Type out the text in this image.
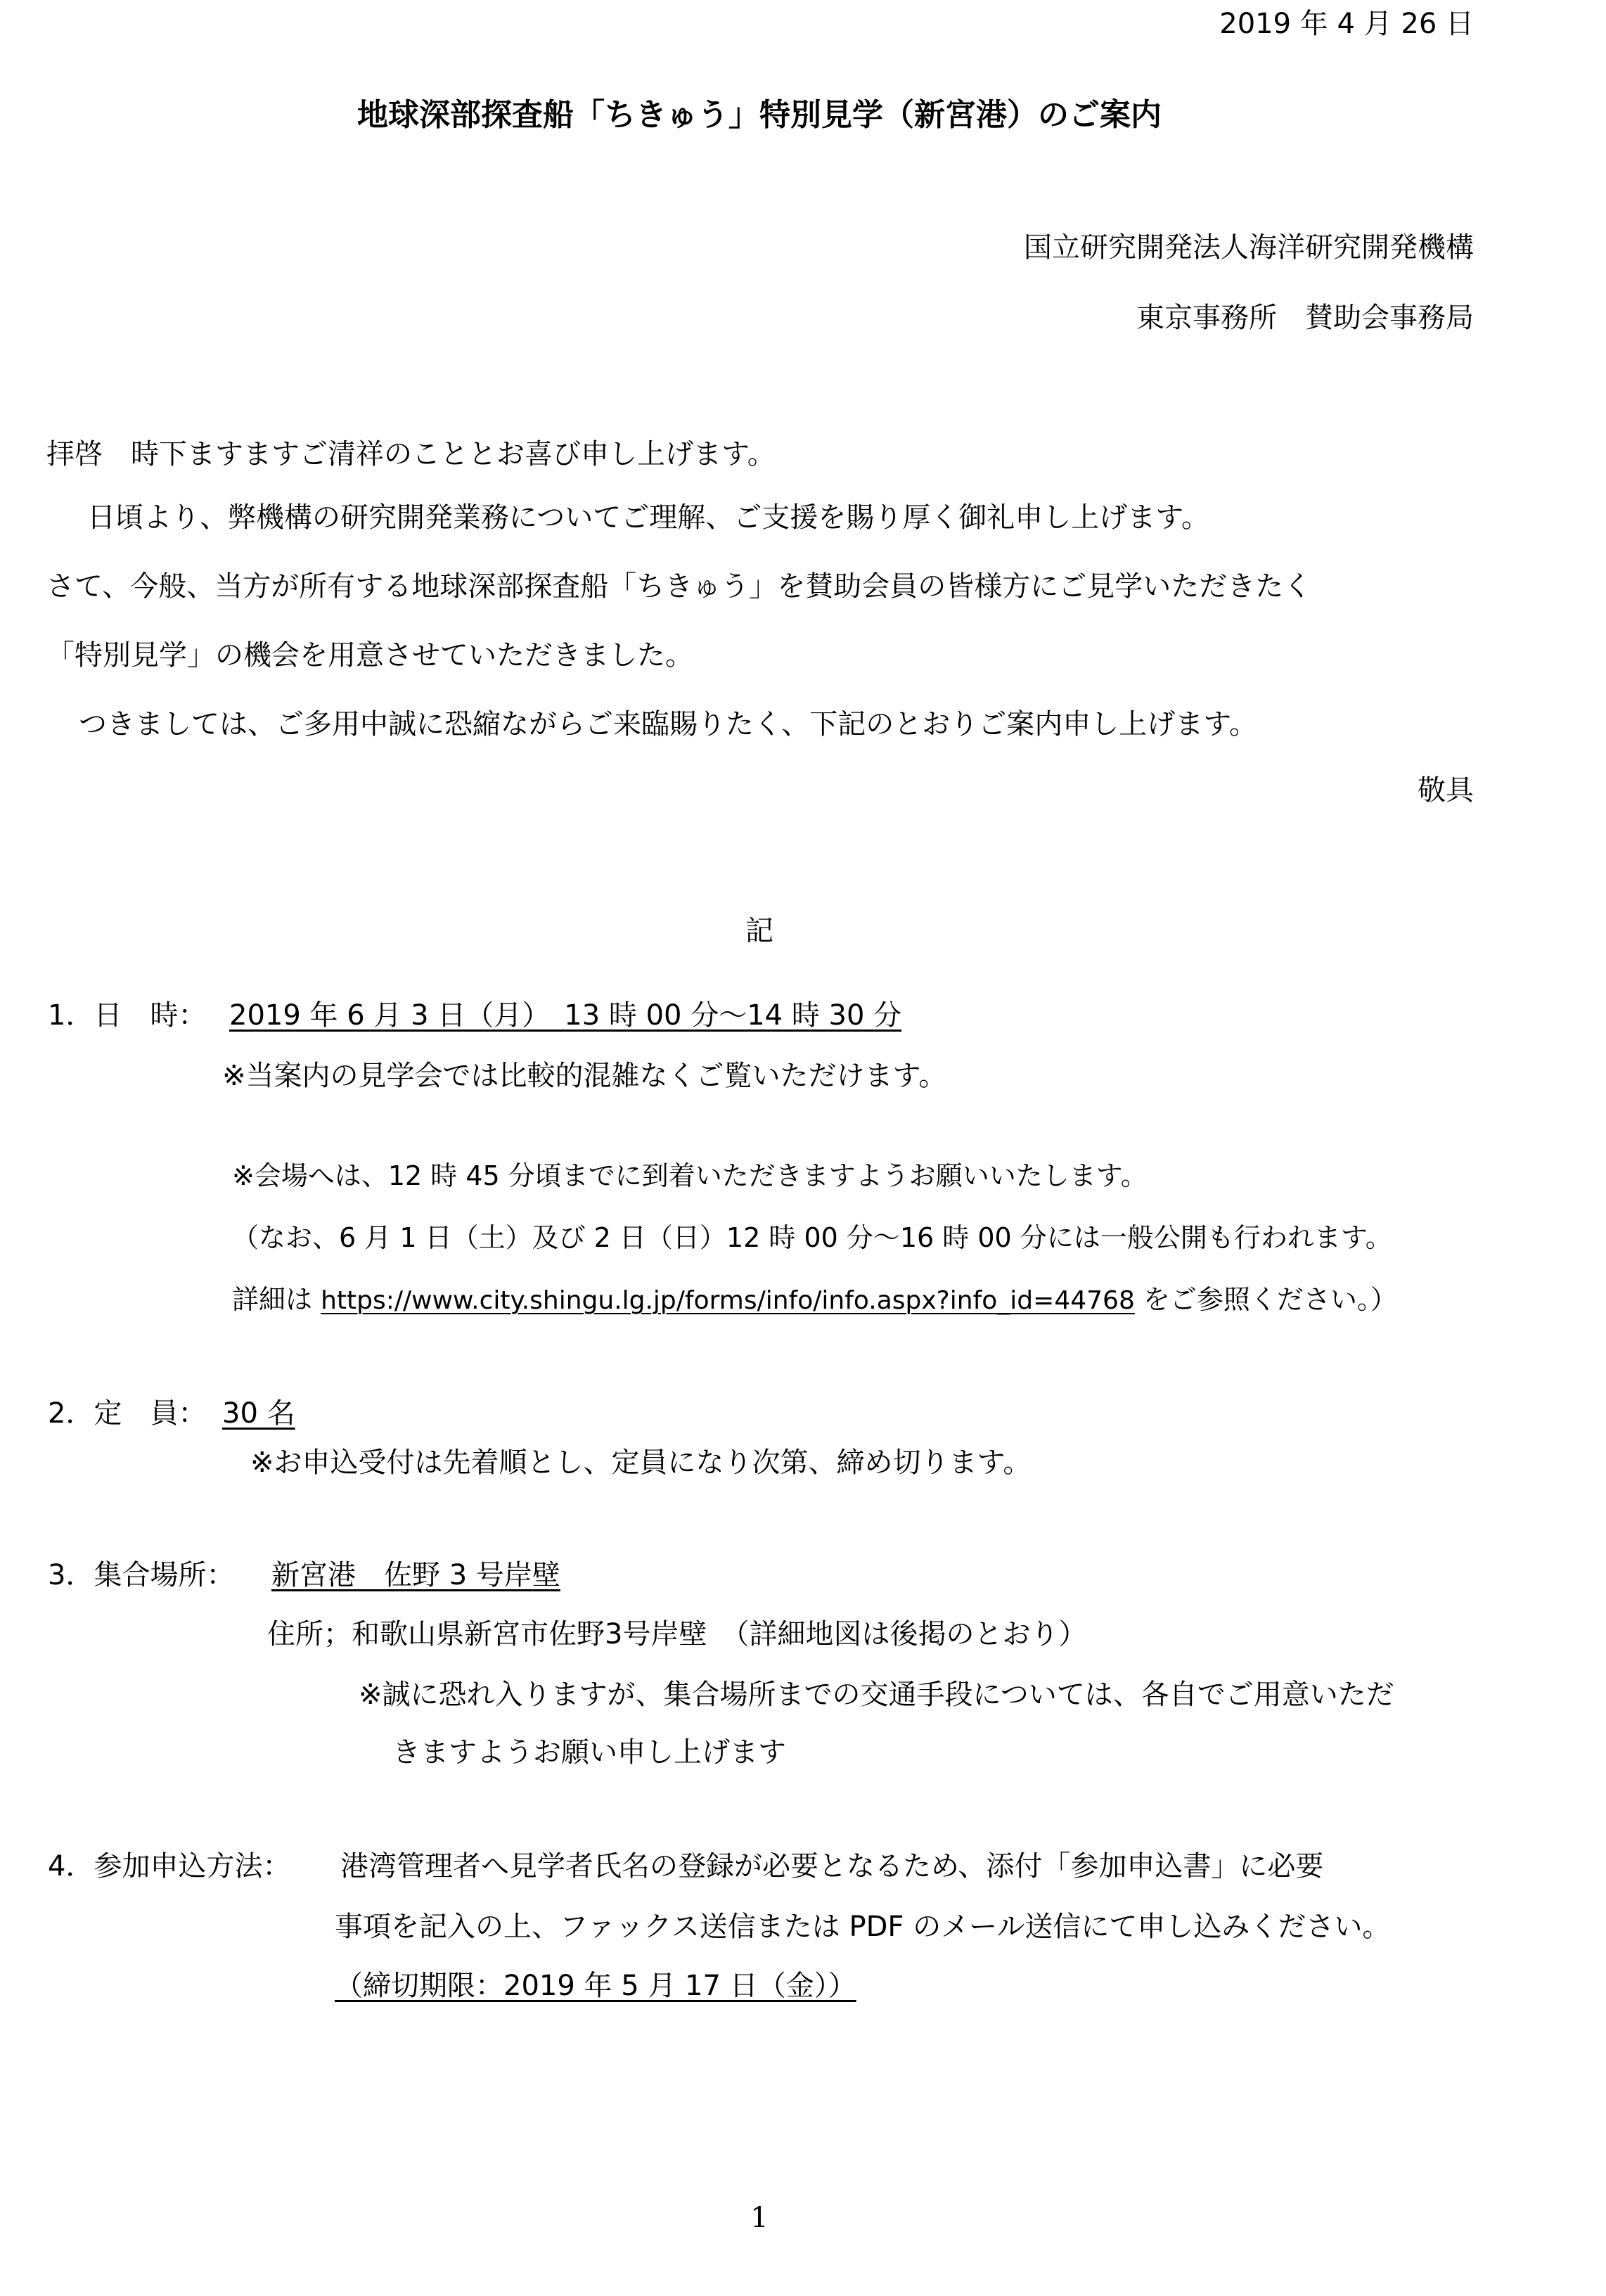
2019 年 4 月 26 日
地球深部探査船「ちきゅう」特別見学（新宮港）のご案内
国立研究開発法人海洋研究開発機構
東京事務所　賛助会事務局
拝啓　時下ますますご清祥のこととお喜び申し上げます。
日頃より、弊機構の研究開発業務についてご理解、ご支援を賜り厚く御礼申し上げます。
さて、今般、当方が所有する地球深部探査船「ちきゅう」を賛助会員の皆様方にご見学いただきたく
「特別見学」の機会を用意させていただきました。
つきましては、ご多用中誠に恐縮ながらご来臨賜りたく、下記のとおりご案内申し上げます。
敬具
記
1．日　時： 2019 年 6 月 3 日（月）　13 時 00 分～14 時 30 分
※当案内の見学会では比較的混雑なくご覧いただけます。
※会場へは、12 時 45 分頃までに到着いただきますようお願いいたします。
（なお、6 月 1 日（土）及び 2 日（日）12 時 00 分～16 時 00 分には一般公開も行われます。
詳細は https://www.city.shingu.lg.jp/forms/info/info.aspx?info_id=44768 をご参照ください。）
2．定　員： 30 名
※お申込受付は先着順とし、定員になり次第、締め切ります。
3．集合場所： 新宮港　佐野 3 号岸壁
住所；和歌山県新宮市佐野3号岸壁　（詳細地図は後掲のとおり）
※誠に恐れ入りますが、集合場所までの交通手段については、各自でご用意いただ
きますようお願い申し上げます
4．参加申込方法： 港湾管理者へ見学者氏名の登録が必要となるため、添付「参加申込書」に必要
事項を記入の上、ファックス送信または PDF のメール送信にて申し込みください。
（締切期限：2019 年 5 月 17 日（金））
1
